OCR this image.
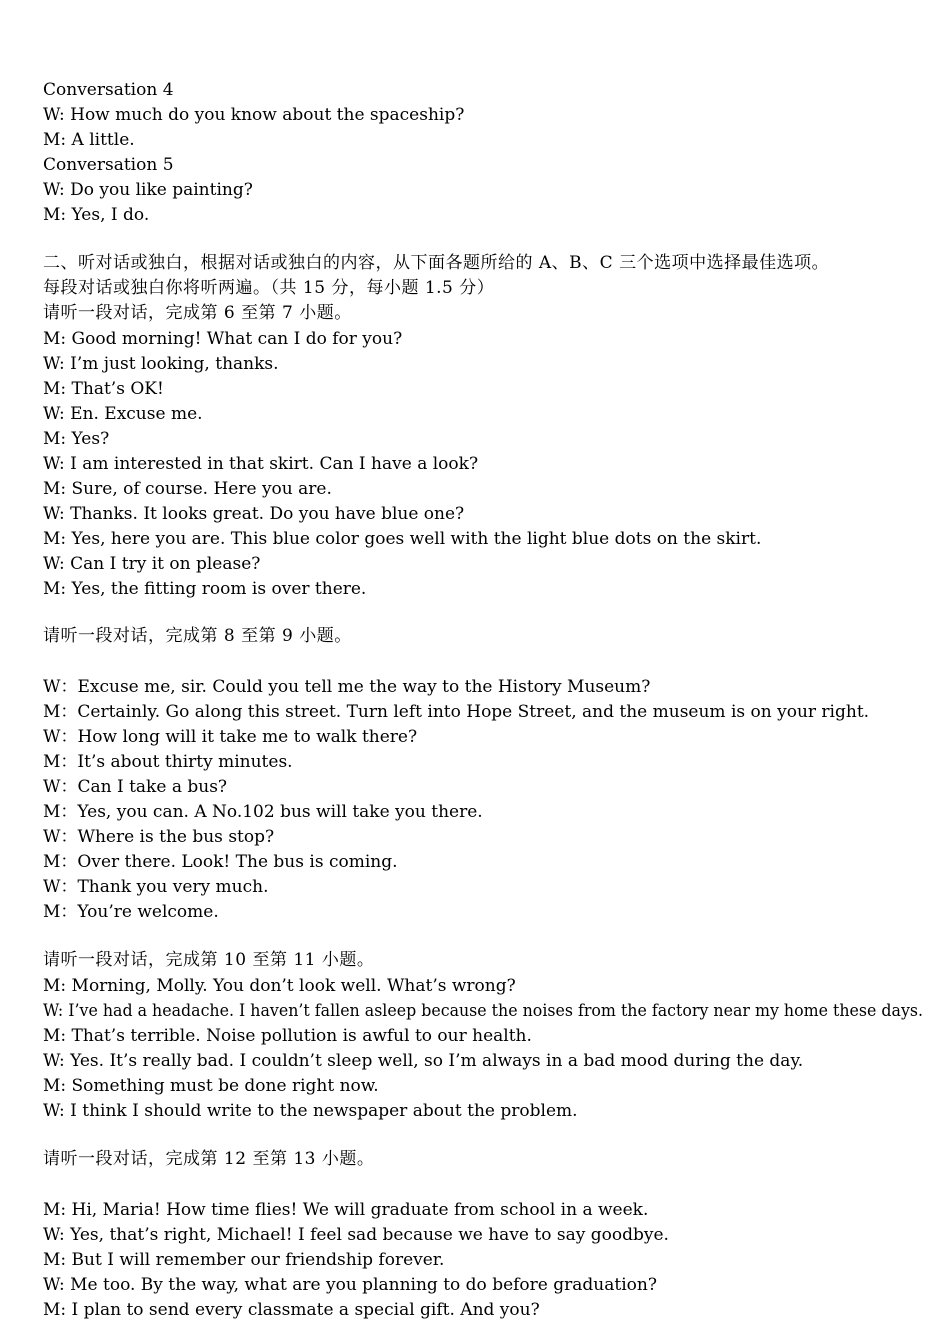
Conversation 4
W: How much do you know about the spaceship?
M: A little.
Conversation 5
W: Do you like painting?
M: Yes, I do.
二、听对话或独白，根据对话或独白的内容，从下面各题所给的 A、B、C 三个选项中选择最佳选项。
每段对话或独白你将听两遍。（共 15 分，每小题 1.5 分）
请听一段对话，完成第 6 至第 7 小题。
M: Good morning! What can I do for you?
W: I’m just looking, thanks.
M: That’s OK!
W: En. Excuse me.
M: Yes?
W: I am interested in that skirt. Can I have a look?
M: Sure, of course. Here you are.
W: Thanks. It looks great. Do you have blue one?
M: Yes, here you are. This blue color goes well with the light blue dots on the skirt.
W: Can I try it on please?
M: Yes, the fitting room is over there.
请听一段对话，完成第 8 至第 9 小题。
W：Excuse me, sir. Could you tell me the way to the History Museum?
M：Certainly. Go along this street. Turn left into Hope Street, and the museum is on your right.
W：How long will it take me to walk there?
M：It’s about thirty minutes.
W：Can I take a bus?
M：Yes, you can. A No.102 bus will take you there.
W：Where is the bus stop?
M：Over there. Look! The bus is coming.
W：Thank you very much.
M：You’re welcome.
请听一段对话，完成第 10 至第 11 小题。
M: Morning, Molly. You don’t look well. What’s wrong?
W: I’ve had a headache. I haven’t fallen asleep because the noises from the factory near my home these days.
M: That’s terrible. Noise pollution is awful to our health.
W: Yes. It’s really bad. I couldn’t sleep well, so I’m always in a bad mood during the day.
M: Something must be done right now.
W: I think I should write to the newspaper about the problem.
请听一段对话，完成第 12 至第 13 小题。
M: Hi, Maria! How time flies! We will graduate from school in a week.
W: Yes, that’s right, Michael! I feel sad because we have to say goodbye.
M: But I will remember our friendship forever.
W: Me too. By the way, what are you planning to do before graduation?
M: I plan to send every classmate a special gift. And you?
